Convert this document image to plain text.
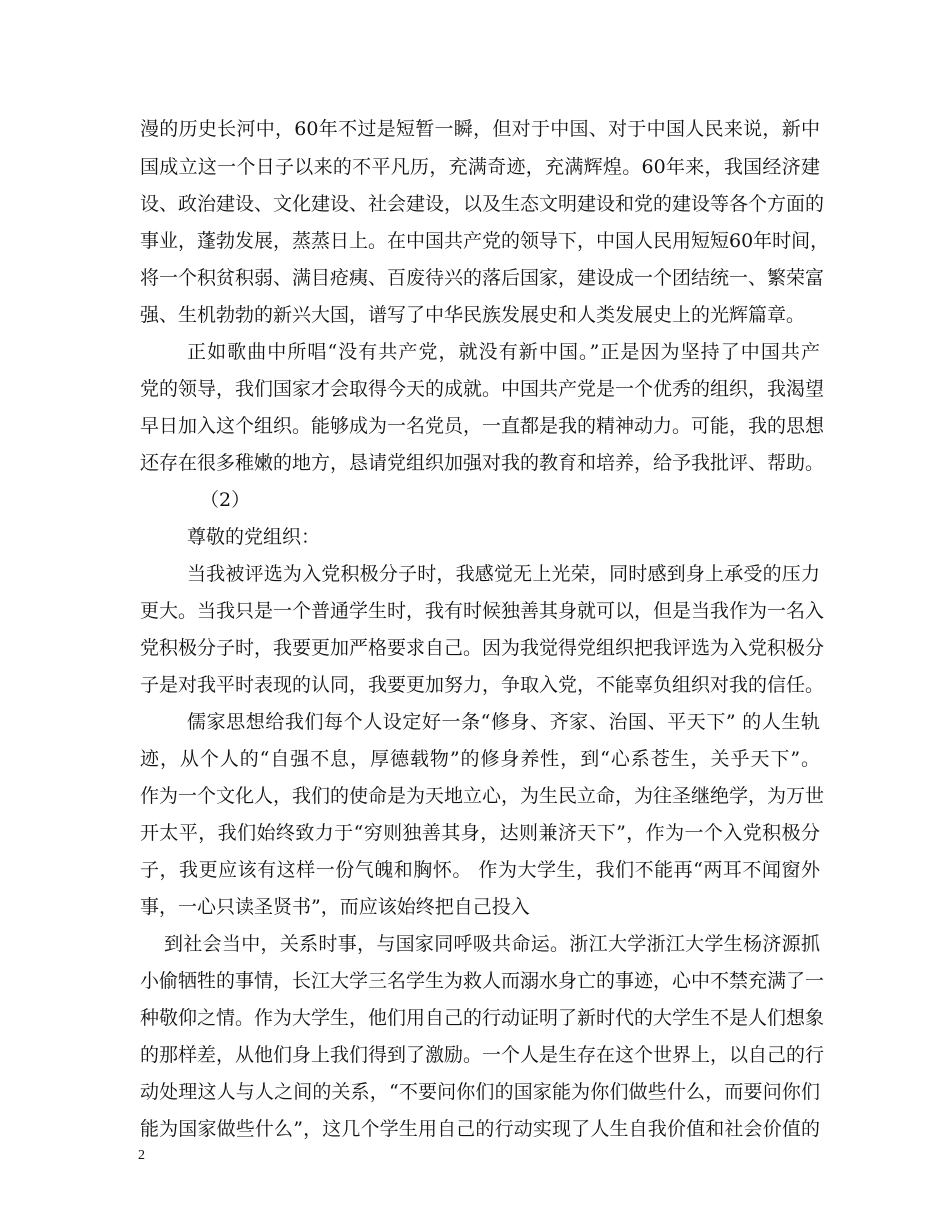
漫的历史长河中，60年不过是短暂一瞬，但对于中国、对于中国人民来说，新中
国成立这一个日子以来的不平凡历，充满奇迹，充满辉煌。60年来，我国经济建
设、政治建设、文化建设、社会建设，以及生态文明建设和党的建设等各个方面的
事业，蓬勃发展，蒸蒸日上。在中国共产党的领导下，中国人民用短短60年时间，
将一个积贫积弱、满目疮痍、百废待兴的落后国家，建设成一个团结统一、繁荣富
强、生机勃勃的新兴大国，谱写了中华民族发展史和人类发展史上的光辉篇章。
正如歌曲中所唱“没有共产党，就没有新中国。”正是因为坚持了中国共产
党的领导，我们国家才会取得今天的成就。中国共产党是一个优秀的组织，我渴望
早日加入这个组织。能够成为一名党员，一直都是我的精神动力。可能，我的思想
还存在很多稚嫩的地方，恳请党组织加强对我的教育和培养，给予我批评、帮助。
（2）
尊敬的党组织：
当我被评选为入党积极分子时，我感觉无上光荣，同时感到身上承受的压力
更大。当我只是一个普通学生时，我有时候独善其身就可以，但是当我作为一名入
党积极分子时，我要更加严格要求自己。因为我觉得党组织把我评选为入党积极分
子是对我平时表现的认同，我要更加努力，争取入党，不能辜负组织对我的信任。
儒家思想给我们每个人设定好一条“修身、齐家、治国、平天下” 的人生轨
迹，从个人的“自强不息，厚德载物”的修身养性，到“心系苍生，关乎天下”。
作为一个文化人，我们的使命是为天地立心，为生民立命，为往圣继绝学，为万世
开太平，我们始终致力于“穷则独善其身，达则兼济天下”，作为一个入党积极分
子，我更应该有这样一份气魄和胸怀。 作为大学生，我们不能再“两耳不闻窗外
事，一心只读圣贤书”，而应该始终把自己投入
到社会当中，关系时事，与国家同呼吸共命运。浙江大学浙江大学生杨济源抓
小偷牺牲的事情，长江大学三名学生为救人而溺水身亡的事迹，心中不禁充满了一
种敬仰之情。作为大学生，他们用自己的行动证明了新时代的大学生不是人们想象
的那样差，从他们身上我们得到了激励。一个人是生存在这个世界上，以自己的行
动处理这人与人之间的关系，“不要问你们的国家能为你们做些什么，而要问你们
能为国家做些什么”，这几个学生用自己的行动实现了人生自我价值和社会价值的
2
